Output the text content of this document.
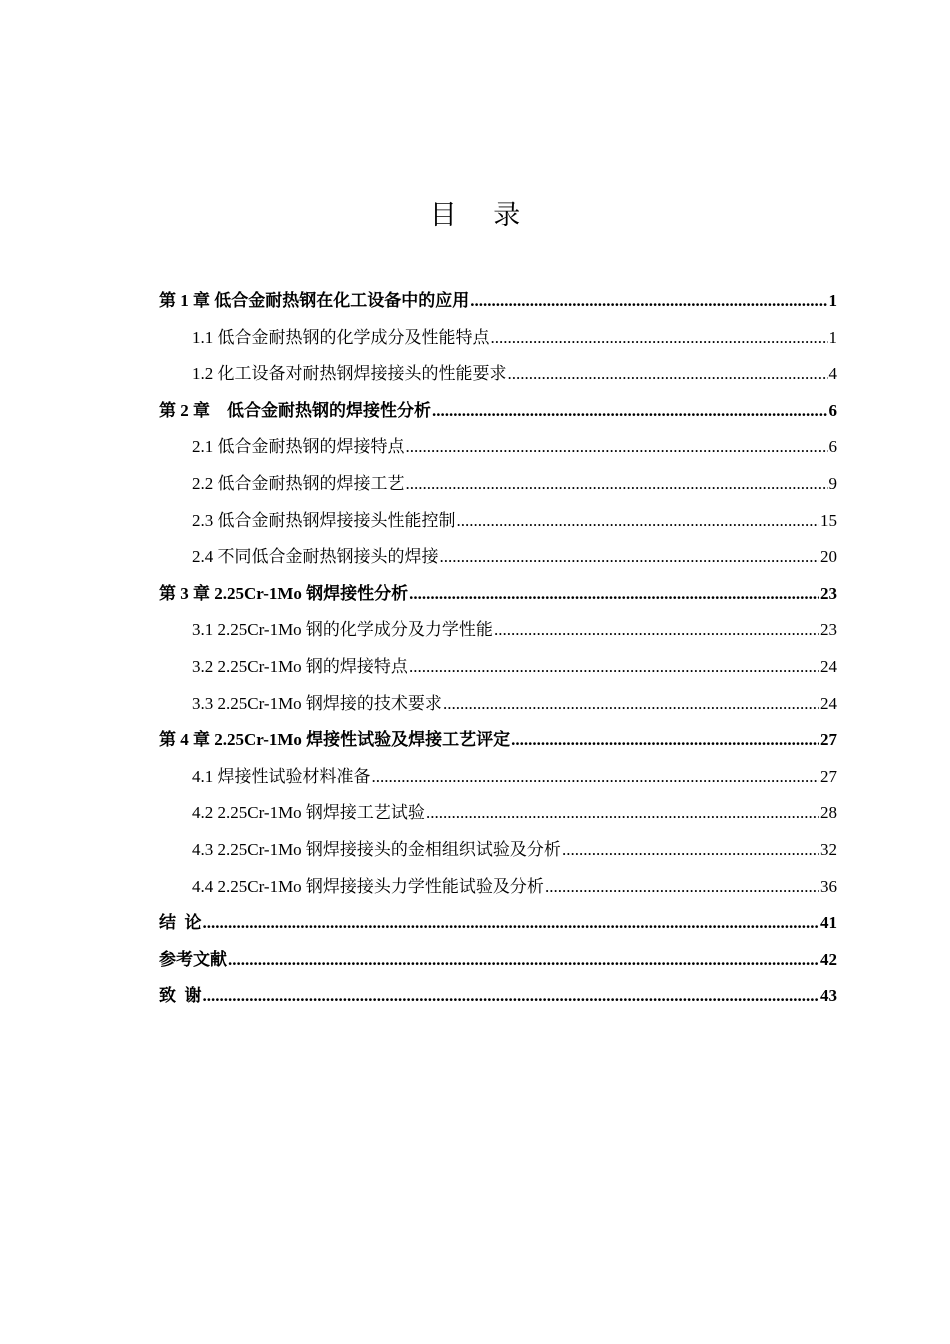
目 录
第 1 章 低合金耐热钢在化工设备中的应用 .....	1
1.1 低合金耐热钢的化学成分及性能特点 .....	1
1.2 化工设备对耐热钢焊接接头的性能要求 .....	4
第 2 章    低合金耐热钢的焊接性分析 .....	6
2.1 低合金耐热钢的焊接特点 .....	6
2.2 低合金耐热钢的焊接工艺 .....	9
2.3 低合金耐热钢焊接接头性能控制 .....	15
2.4 不同低合金耐热钢接头的焊接 .....	20
第 3 章 2.25Cr-1Mo 钢焊接性分析 .....	23
3.1 2.25Cr-1Mo 钢的化学成分及力学性能 .....	23
3.2 2.25Cr-1Mo 钢的焊接特点 .....	24
3.3 2.25Cr-1Mo 钢焊接的技术要求 .....	24
第 4 章 2.25Cr-1Mo 焊接性试验及焊接工艺评定 .....	27
4.1 焊接性试验材料准备 .....	27
4.2 2.25Cr-1Mo 钢焊接工艺试验 .....	28
4.3 2.25Cr-1Mo 钢焊接接头的金相组织试验及分析 .....	32
4.4 2.25Cr-1Mo 钢焊接接头力学性能试验及分析 .....	36
结  论 .....	41
参考文献 .....	42
致  谢 .....	43
